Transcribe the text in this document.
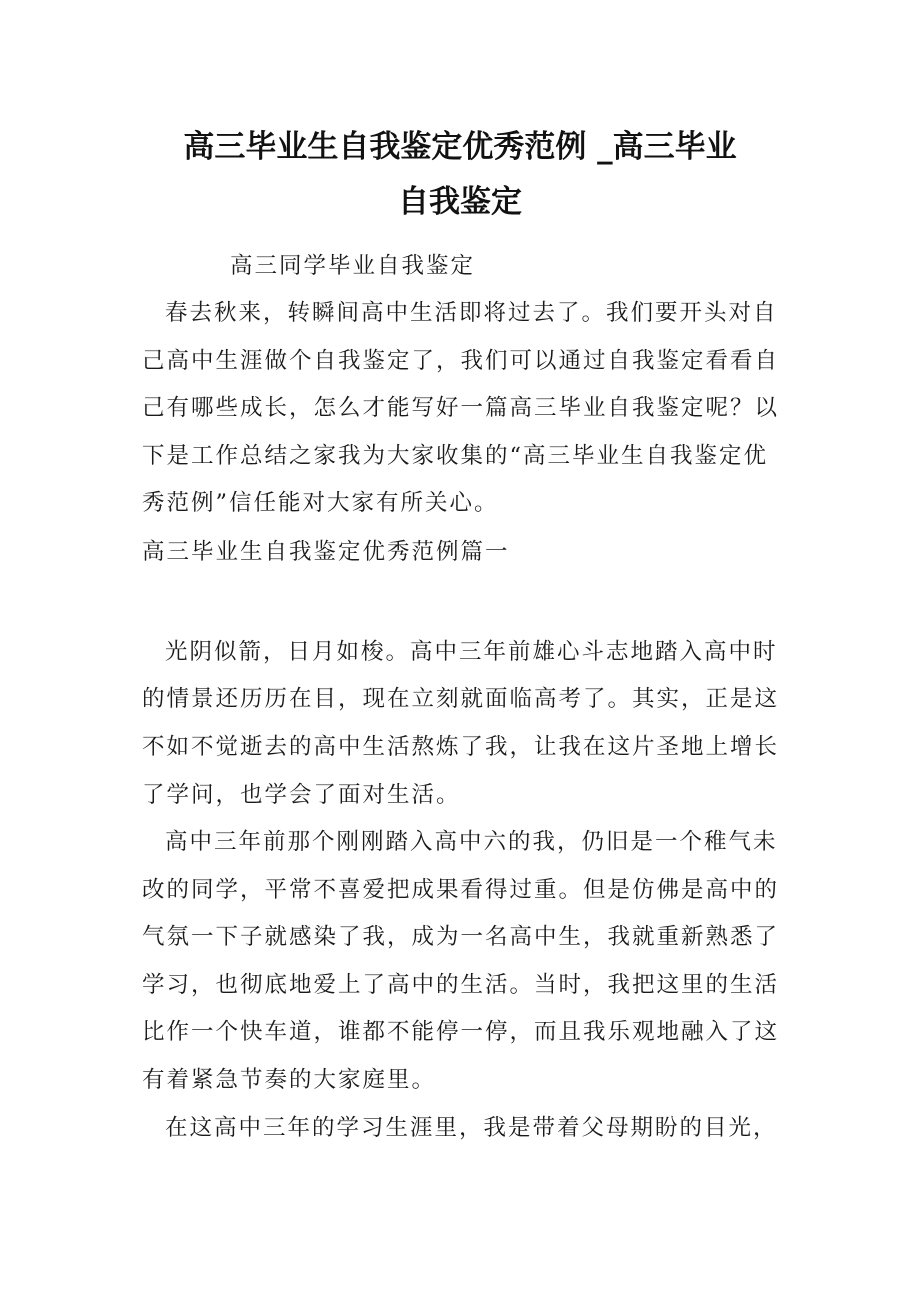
高三毕业生自我鉴定优秀范例 _高三毕业
自我鉴定
高三同学毕业自我鉴定
春去秋来，转瞬间高中生活即将过去了。我们要开头对自
己高中生涯做个自我鉴定了，我们可以通过自我鉴定看看自
己有哪些成长，怎么才能写好一篇高三毕业自我鉴定呢？以
下是工作总结之家我为大家收集的“高三毕业生自我鉴定优
秀范例”信任能对大家有所关心。
高三毕业生自我鉴定优秀范例篇一
光阴似箭，日月如梭。高中三年前雄心斗志地踏入高中时
的情景还历历在目，现在立刻就面临高考了。其实，正是这
不如不觉逝去的高中生活熬炼了我，让我在这片圣地上增长
了学问，也学会了面对生活。
高中三年前那个刚刚踏入高中六的我，仍旧是一个稚气未
改的同学，平常不喜爱把成果看得过重。但是仿佛是高中的
气氛一下子就感染了我，成为一名高中生，我就重新熟悉了
学习，也彻底地爱上了高中的生活。当时，我把这里的生活
比作一个快车道，谁都不能停一停，而且我乐观地融入了这
有着紧急节奏的大家庭里。
在这高中三年的学习生涯里，我是带着父母期盼的目光，
